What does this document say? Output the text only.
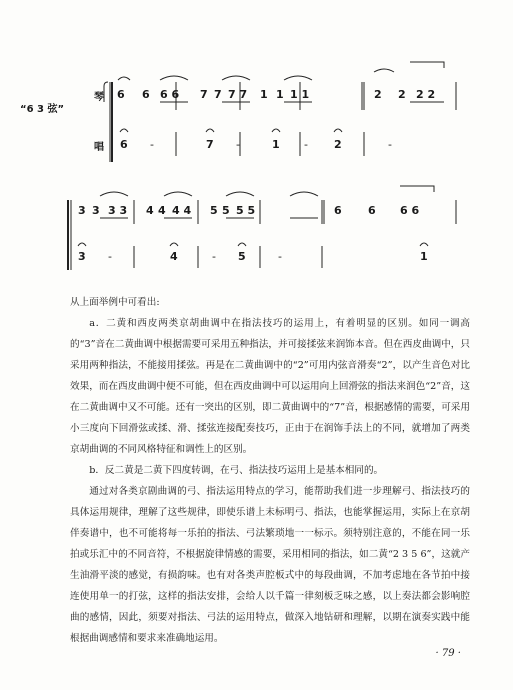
“6 3 弦”
琴
唱
6 6 6 6 7 7 7 7 1 1 1 1	2 2 2 2
6 -	7 -	1 - 2	-
3 3 3 3 4 4 4 4 5 5 5 5	6 6 6 6
3 -	4	- 5	-	1

从上面举例中可看出:

a．二黄和西皮两类京胡曲调中在指法技巧的运用上，有着明显的区别。如同一调高的“3”音在二黄曲调中根据需要可采用五种指法，并可接揉弦来润饰本音。但在西皮曲调中，只采用两种指法，不能接用揉弦。再是在二黄曲调中的“2”可用内弦音滑奏“2”，以产生音色对比效果，而在西皮曲调中便不可能，但在西皮曲调中可以运用向上回滑弦的指法来润色“2”音，这在二黄曲调中又不可能。还有一突出的区别，即二黄曲调中的“7”音，根据感情的需要，可采用小三度向下回滑弦或揉、滑、揉弦连接配奏技巧，正由于在润饰手法上的不同，就增加了两类京胡曲调的不同风格特征和调性上的区别。

b．反二黄是二黄下四度转调，在弓、指法技巧运用上是基本相同的。

通过对各类京剧曲调的弓、指法运用特点的学习，能帮助我们进一步理解弓、指法技巧的具体运用规律，理解了这些规律，即使乐谱上未标明弓、指法，也能掌握运用，实际上在京胡伴奏谱中，也不可能将每一乐拍的指法、弓法繁琐地一一标示。须特别注意的，不能在同一乐拍或乐汇中的不同音符，不根据旋律情感的需要，采用相同的指法，如二黄“2 3 5 6”，这就产生油滑平淡的感觉，有损韵味。也有对各类声腔板式中的每段曲调，不加考虑地在各节拍中接连使用单一的打弦，这样的指法安排，会给人以千篇一律刻板乏味之感，以上奏法都会影响腔曲的感情，因此，须要对指法、弓法的运用特点，做深入地钻研和理解，以期在演奏实践中能根据曲调感情和要求来准确地运用。

· 79 ·
